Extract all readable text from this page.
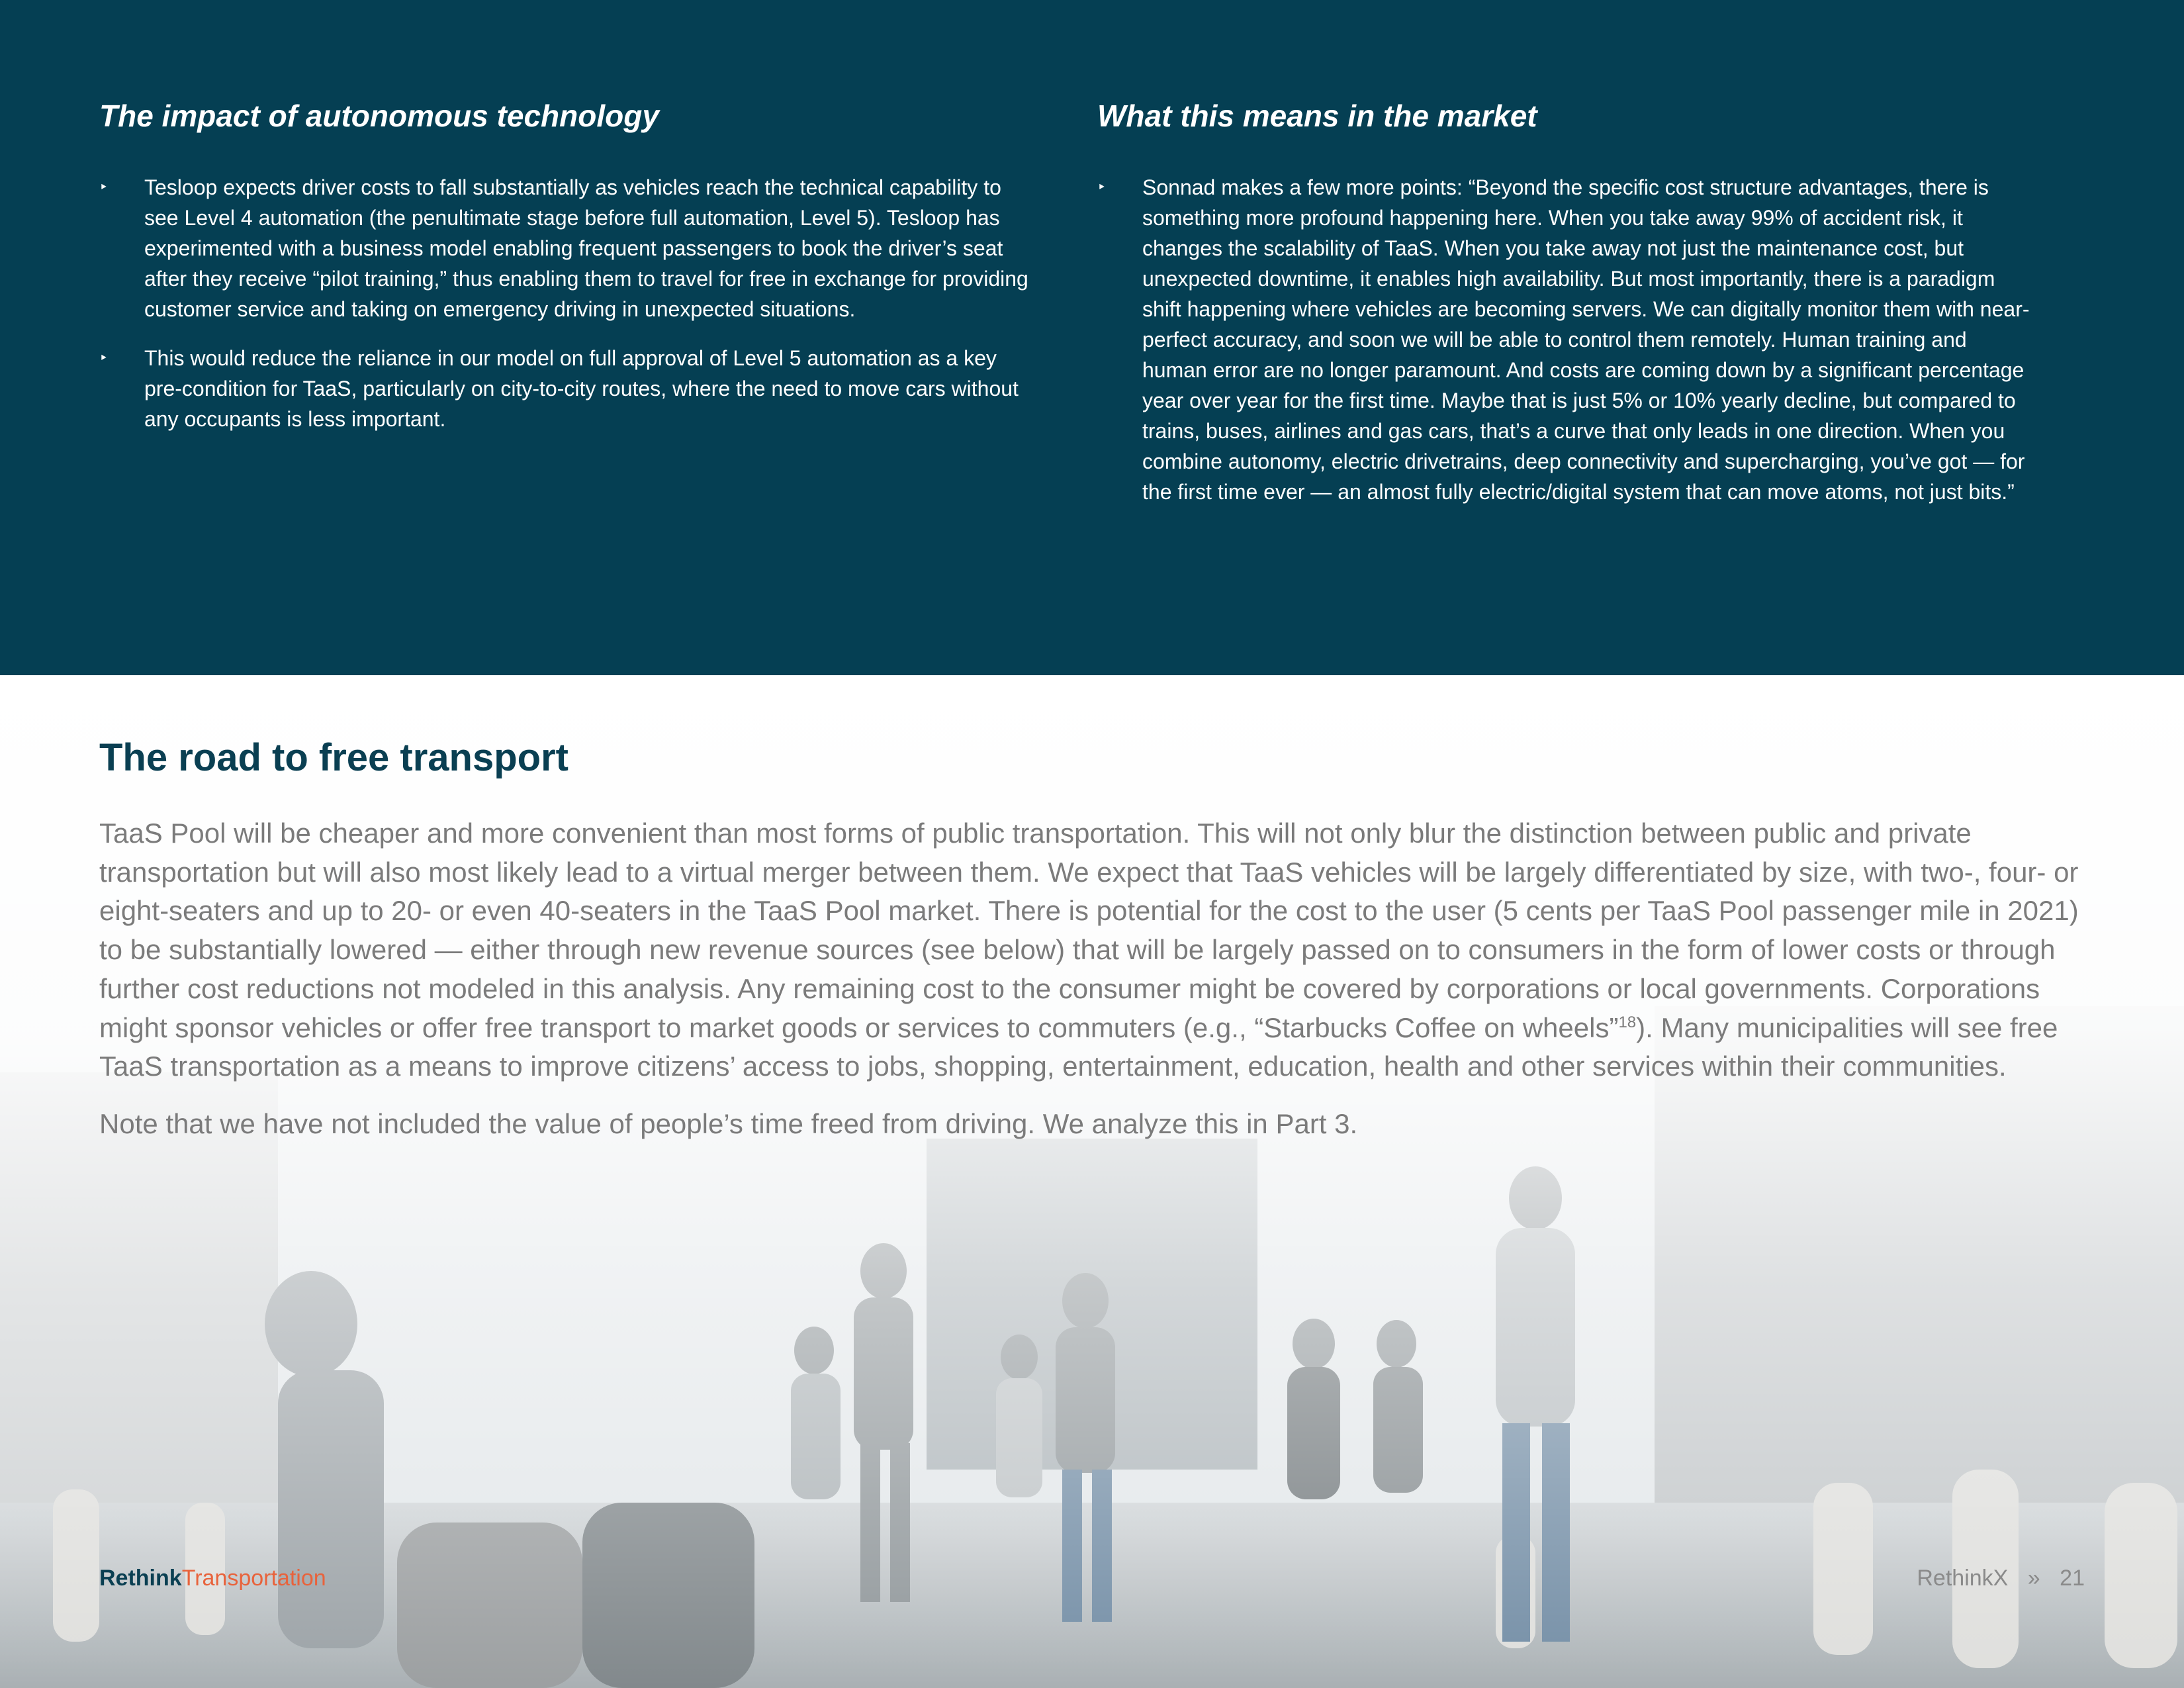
The impact of autonomous technology
‣ Tesloop expects driver costs to fall substantially as vehicles reach the technical capability to see Level 4 automation (the penultimate stage before full automation, Level 5). Tesloop has experimented with a business model enabling frequent passengers to book the driver’s seat after they receive “pilot training,” thus enabling them to travel for free in exchange for providing customer service and taking on emergency driving in unexpected situations.
‣ This would reduce the reliance in our model on full approval of Level 5 automation as a key pre-condition for TaaS, particularly on city-to-city routes, where the need to move cars without any occupants is less important.
What this means in the market
‣ Sonnad makes a few more points: “Beyond the specific cost structure advantages, there is something more profound happening here. When you take away 99% of accident risk, it changes the scalability of TaaS. When you take away not just the maintenance cost, but unexpected downtime, it enables high availability. But most importantly, there is a paradigm shift happening where vehicles are becoming servers. We can digitally monitor them with near-perfect accuracy, and soon we will be able to control them remotely. Human training and human error are no longer paramount. And costs are coming down by a significant percentage year over year for the first time. Maybe that is just 5% or 10% yearly decline, but compared to trains, buses, airlines and gas cars, that’s a curve that only leads in one direction. When you combine autonomy, electric drivetrains, deep connectivity and supercharging, you’ve got — for the first time ever — an almost fully electric/digital system that can move atoms, not just bits.”
The road to free transport

TaaS Pool will be cheaper and more convenient than most forms of public transportation. This will not only blur the distinction between public and private transportation but will also most likely lead to a virtual merger between them. We expect that TaaS vehicles will be largely differentiated by size, with two-, four- or eight-seaters and up to 20- or even 40-seaters in the TaaS Pool market. There is potential for the cost to the user (5 cents per TaaS Pool passenger mile in 2021) to be substantially lowered — either through new revenue sources (see below) that will be largely passed on to consumers in the form of lower costs or through further cost reductions not modeled in this analysis. Any remaining cost to the consumer might be covered by corporations or local governments. Corporations might sponsor vehicles or offer free transport to market goods or services to commuters (e.g., “Starbucks Coffee on wheels”$^{18}$). Many municipalities will see free TaaS transportation as a means to improve citizens’ access to jobs, shopping, entertainment, education, health and other services within their communities.

Note that we have not included the value of people’s time freed from driving. We analyze this in Part 3.

RethinkTransportation	RethinkX » 21
